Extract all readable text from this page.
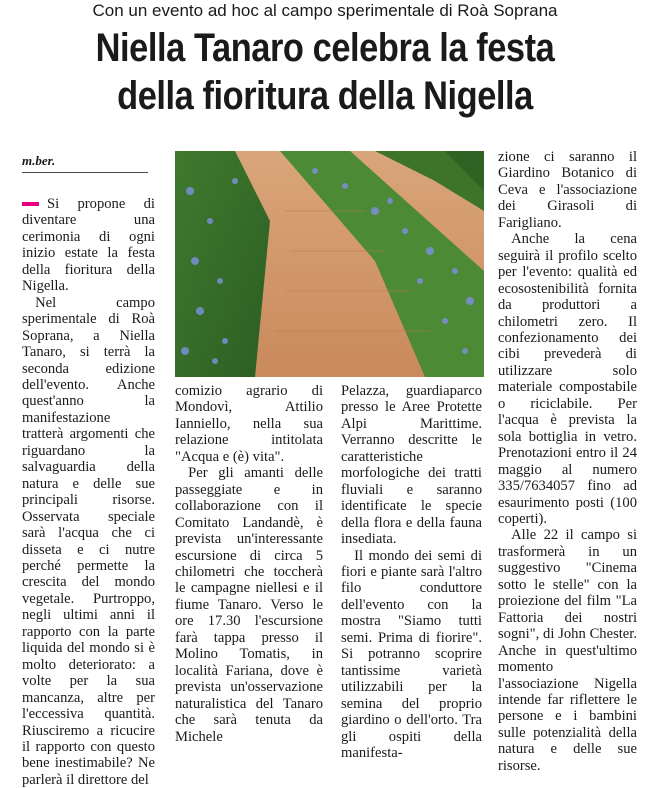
Con un evento ad hoc al campo sperimentale di Roà Soprana
Niella Tanaro celebra la festa
della fioritura della Nigella
m.ber.

Si propone di diventare una cerimonia di ogni inizio estate la festa della fioritura della Nigella.

Nel campo sperimentale di Roà Soprana, a Niella Tanaro, si terrà la seconda edizione dell'evento. Anche quest'anno la manifestazione tratterà argomenti che riguardano la salvaguardia della natura e delle sue principali risorse. Osservata speciale sarà l'acqua che ci disseta e ci nutre perché permette la crescita del mondo vegetale. Purtroppo, negli ultimi anni il rapporto con la parte liquida del mondo si è molto deteriorato: a volte per la sua mancanza, altre per l'eccessiva quantità. Riusciremo a ricucire il rapporto con questo bene inestimabile? Ne parlerà il direttore del

comizio agrario di Mondovì, Attilio Ianniello, nella sua relazione intitolata "Acqua e (è) vita".

Per gli amanti delle passeggiate e in collaborazione con il Comitato Landandè, è prevista un'interessante escursione di circa 5 chilometri che toccherà le campagne niellesi e il fiume Tanaro. Verso le ore 17.30 l'escursione farà tappa presso il Molino Tomatis, in località Fariana, dove è prevista un'osservazione naturalistica del Tanaro che sarà tenuta da Michele

Pelazza, guardiaparco presso le Aree Protette Alpi Marittime. Verranno descritte le caratteristiche morfologiche dei tratti fluviali e saranno identificate le specie della flora e della fauna insediata.

Il mondo dei semi di fiori e piante sarà l'altro filo conduttore dell'evento con la mostra "Siamo tutti semi. Prima di fiorire". Si potranno scoprire tantissime varietà utilizzabili per la semina del proprio giardino o dell'orto. Tra gli ospiti della manifesta-

zione ci saranno il Giardino Botanico di Ceva e l'associazione dei Girasoli di Farigliano.

Anche la cena seguirà il profilo scelto per l'evento: qualità ed ecosostenibilità fornita da produttori a chilometri zero. Il confezionamento dei cibi prevederà di utilizzare solo materiale compostabile o riciclabile. Per l'acqua è prevista la sola bottiglia in vetro. Prenotazioni entro il 24 maggio al numero 335/7634057 fino ad esaurimento posti (100 coperti).

Alle 22 il campo si trasformerà in un suggestivo "Cinema sotto le stelle" con la proiezione del film "La Fattoria dei nostri sogni", di John Chester. Anche in quest'ultimo momento l'associazione Nigella intende far riflettere le persone e i bambini sulle potenzialità della natura e delle sue risorse.
